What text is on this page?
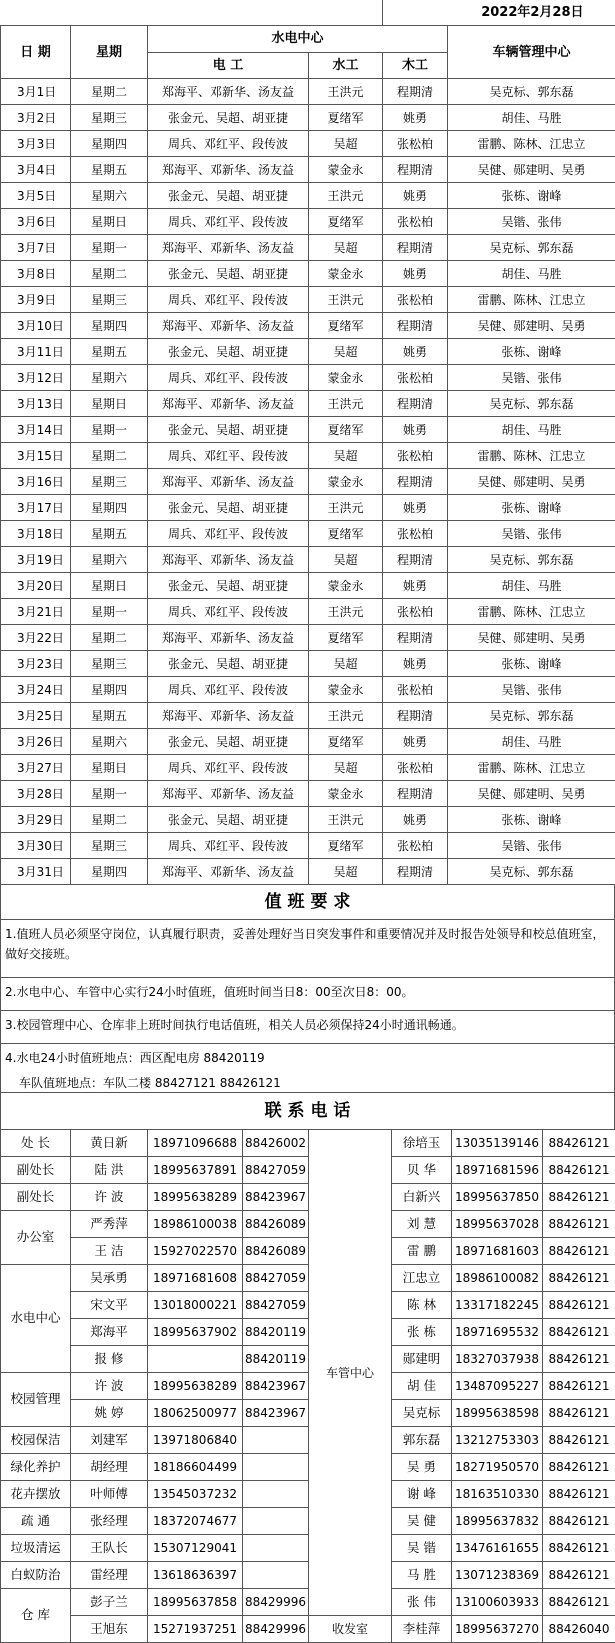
				2022年2月28日	
日 期	星期	水电中心			车辆管理中心
		电 工	水工	木工	
3月1日	星期二	郑海平、邓新华、汤友益	王洪元	程期清	吴克标、郭东磊
3月2日	星期三	张金元、吴超、胡亚捷	夏绪军	姚勇	胡佳、马胜
3月3日	星期四	周兵、邓红平、段传波	吴超	张松柏	雷鹏、陈林、江忠立
3月4日	星期五	郑海平、邓新华、汤友益	蒙金永	程期清	吴健、郧建明、吴勇
3月5日	星期六	张金元、吴超、胡亚捷	王洪元	姚勇	张栋、谢峰
3月6日	星期日	周兵、邓红平、段传波	夏绪军	张松柏	吴锴、张伟
3月7日	星期一	郑海平、邓新华、汤友益	吴超	程期清	吴克标、郭东磊
3月8日	星期二	张金元、吴超、胡亚捷	蒙金永	姚勇	胡佳、马胜
3月9日	星期三	周兵、邓红平、段传波	王洪元	张松柏	雷鹏、陈林、江忠立
3月10日	星期四	郑海平、邓新华、汤友益	夏绪军	程期清	吴健、郧建明、吴勇
3月11日	星期五	张金元、吴超、胡亚捷	吴超	姚勇	张栋、谢峰
3月12日	星期六	周兵、邓红平、段传波	蒙金永	张松柏	吴锴、张伟
3月13日	星期日	郑海平、邓新华、汤友益	王洪元	程期清	吴克标、郭东磊
3月14日	星期一	张金元、吴超、胡亚捷	夏绪军	姚勇	胡佳、马胜
3月15日	星期二	周兵、邓红平、段传波	吴超	张松柏	雷鹏、陈林、江忠立
3月16日	星期三	郑海平、邓新华、汤友益	蒙金永	程期清	吴健、郧建明、吴勇
3月17日	星期四	张金元、吴超、胡亚捷	王洪元	姚勇	张栋、谢峰
3月18日	星期五	周兵、邓红平、段传波	夏绪军	张松柏	吴锴、张伟
3月19日	星期六	郑海平、邓新华、汤友益	吴超	程期清	吴克标、郭东磊
3月20日	星期日	张金元、吴超、胡亚捷	蒙金永	姚勇	胡佳、马胜
3月21日	星期一	周兵、邓红平、段传波	王洪元	张松柏	雷鹏、陈林、江忠立
3月22日	星期二	郑海平、邓新华、汤友益	夏绪军	程期清	吴健、郧建明、吴勇
3月23日	星期三	张金元、吴超、胡亚捷	吴超	姚勇	张栋、谢峰
3月24日	星期四	周兵、邓红平、段传波	蒙金永	张松柏	吴锴、张伟
3月25日	星期五	郑海平、邓新华、汤友益	王洪元	程期清	吴克标、郭东磊
3月26日	星期六	张金元、吴超、胡亚捷	夏绪军	姚勇	胡佳、马胜
3月27日	星期日	周兵、邓红平、段传波	吴超	张松柏	雷鹏、陈林、江忠立
3月28日	星期一	郑海平、邓新华、汤友益	蒙金永	程期清	吴健、郧建明、吴勇
3月29日	星期二	张金元、吴超、胡亚捷	王洪元	姚勇	张栋、谢峰
3月30日	星期三	周兵、邓红平、段传波	夏绪军	张松柏	吴锴、张伟
3月31日	星期四	郑海平、邓新华、汤友益	吴超	程期清	吴克标、郭东磊
值 班 要 求
1.值班人员必须坚守岗位，认真履行职责，妥善处理好当日突发事件和重要情况并及时报告处领导和校总值班室，做好交接班。
2.水电中心、车管中心实行24小时值班，值班时间当日8：00至次日8：00。
3.校园管理中心、仓库非上班时间执行电话值班，相关人员必须保持24小时通讯畅通。
4.水电24小时值班地点：西区配电房 88420119
车队值班地点：车队二楼 88427121 88426121
联 系 电 话
处 长	黄日新	18971096688	88426002	车管中心	徐培玉	13035139146	88426121
副处长	陆 洪	18995637891	88427059		贝 华	18971681596	88426121
副处长	许 波	18995638289	88423967		白新兴	18995637850	88426121
办公室	严秀萍	18986100038	88426089		刘 慧	18995637028	88426121
	王 洁	15927022570	88426089		雷 鹏	18971681603	88426121
水电中心	吴承勇	18971681608	88427059		江忠立	18986100082	88426121
	宋文平	13018000221	88427059		陈 林	13317182245	88426121
	郑海平	18995637902	88420119		张 栋	18971695532	88426121
	报 修		88420119		郧建明	18327037938	88426121
校园管理	许 波	18995638289	88423967		胡 佳	13487095227	88426121
	姚 婷	18062500977	88423967		吴克标	18995638598	88426121
校园保洁	刘建军	13971806840			郭东磊	13212753303	88426121
绿化养护	胡经理	18186604499			吴 勇	18271950570	88426121
花卉摆放	叶师傅	13545037232			谢 峰	18163510330	88426121
疏 通	张经理	18372074677			吴 健	18995637832	88426121
垃圾清运	王队长	15307129041			吴 锴	13476161655	88426121
白蚁防治	雷经理	13618636397			马 胜	13071238369	88426121
仓 库	彭子兰	18995637858	88429996		张 伟	13100603933	88426121
	王旭东	15271937251	88429996	收发室	李桂萍	18995637270	88426040
